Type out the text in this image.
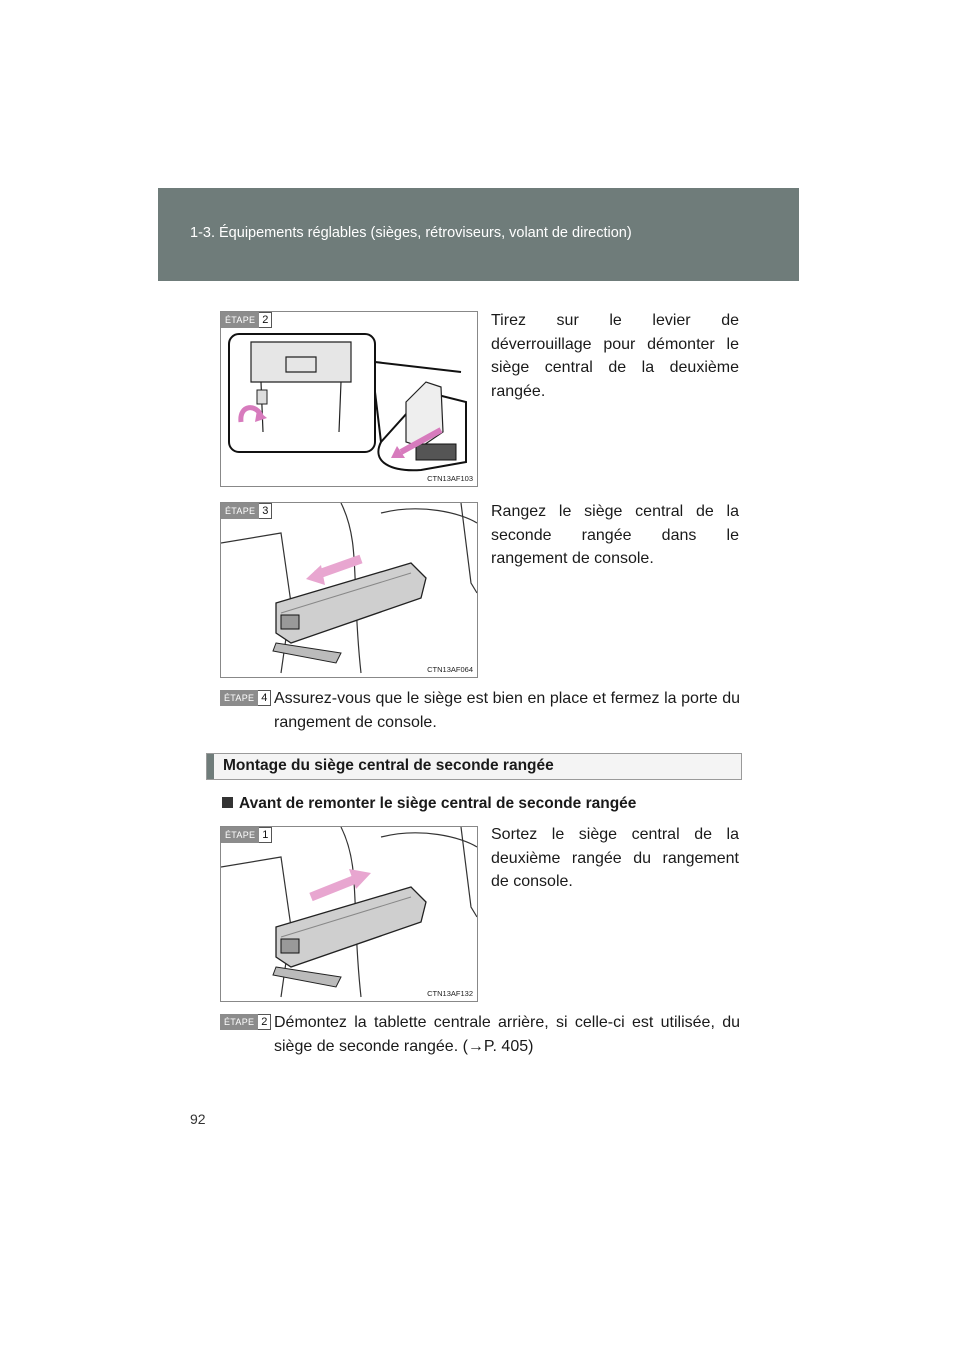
1-3. Équipements réglables (sièges, rétroviseurs, volant de direction)
ÉTAPE 2
CTN13AF103
Tirez sur le levier de déverrouillage pour démonter le siège central de la deuxième rangée.
ÉTAPE 3
CTN13AF064
Rangez le siège central de la seconde rangée dans le rangement de console.
ÉTAPE 4 Assurez-vous que le siège est bien en place et fermez la porte du rangement de console.
Montage du siège central de seconde rangée
Avant de remonter le siège central de seconde rangée
ÉTAPE 1
CTN13AF132
Sortez le siège central de la deuxième rangée du rangement de console.
ÉTAPE 2 Démontez la tablette centrale arrière, si celle-ci est utilisée, du siège de seconde rangée. (→P. 405)
92
